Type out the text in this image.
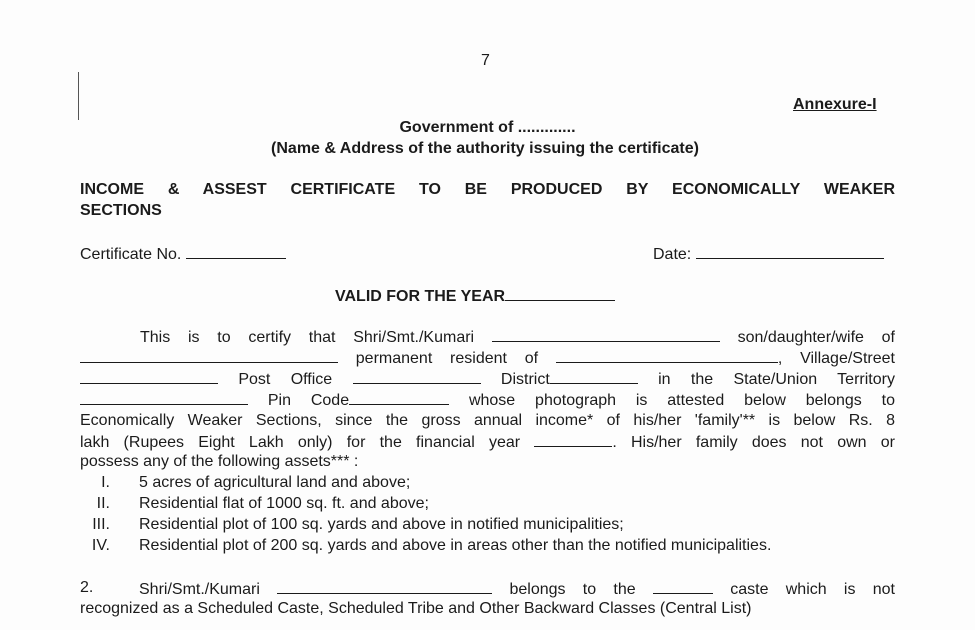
7
Annexure-I
Government of .............
(Name & Address of the authority issuing the certificate)
INCOME & ASSEST CERTIFICATE TO BE PRODUCED BY ECONOMICALLY WEAKER
SECTIONS
Certificate No.	Date:
VALID FOR THE YEAR
This is to certify that Shri/Smt./Kumari	son/daughter/wife of
permanent resident of	, Village/Street
Post Office	District	in the State/Union Territory
Pin Code	whose photograph is attested below belongs to
Economically Weaker Sections, since the gross annual income* of his/her 'family'** is below Rs. 8
lakh (Rupees Eight Lakh only) for the financial year	. His/her family does not own or
possess any of the following assets*** :
I. 5 acres of agricultural land and above;
II. Residential flat of 1000 sq. ft. and above;
III. Residential plot of 100 sq. yards and above in notified municipalities;
IV. Residential plot of 200 sq. yards and above in areas other than the notified municipalities.
2.	Shri/Smt./Kumari	belongs to the	caste which is not
recognized as a Scheduled Caste, Scheduled Tribe and Other Backward Classes (Central List)
